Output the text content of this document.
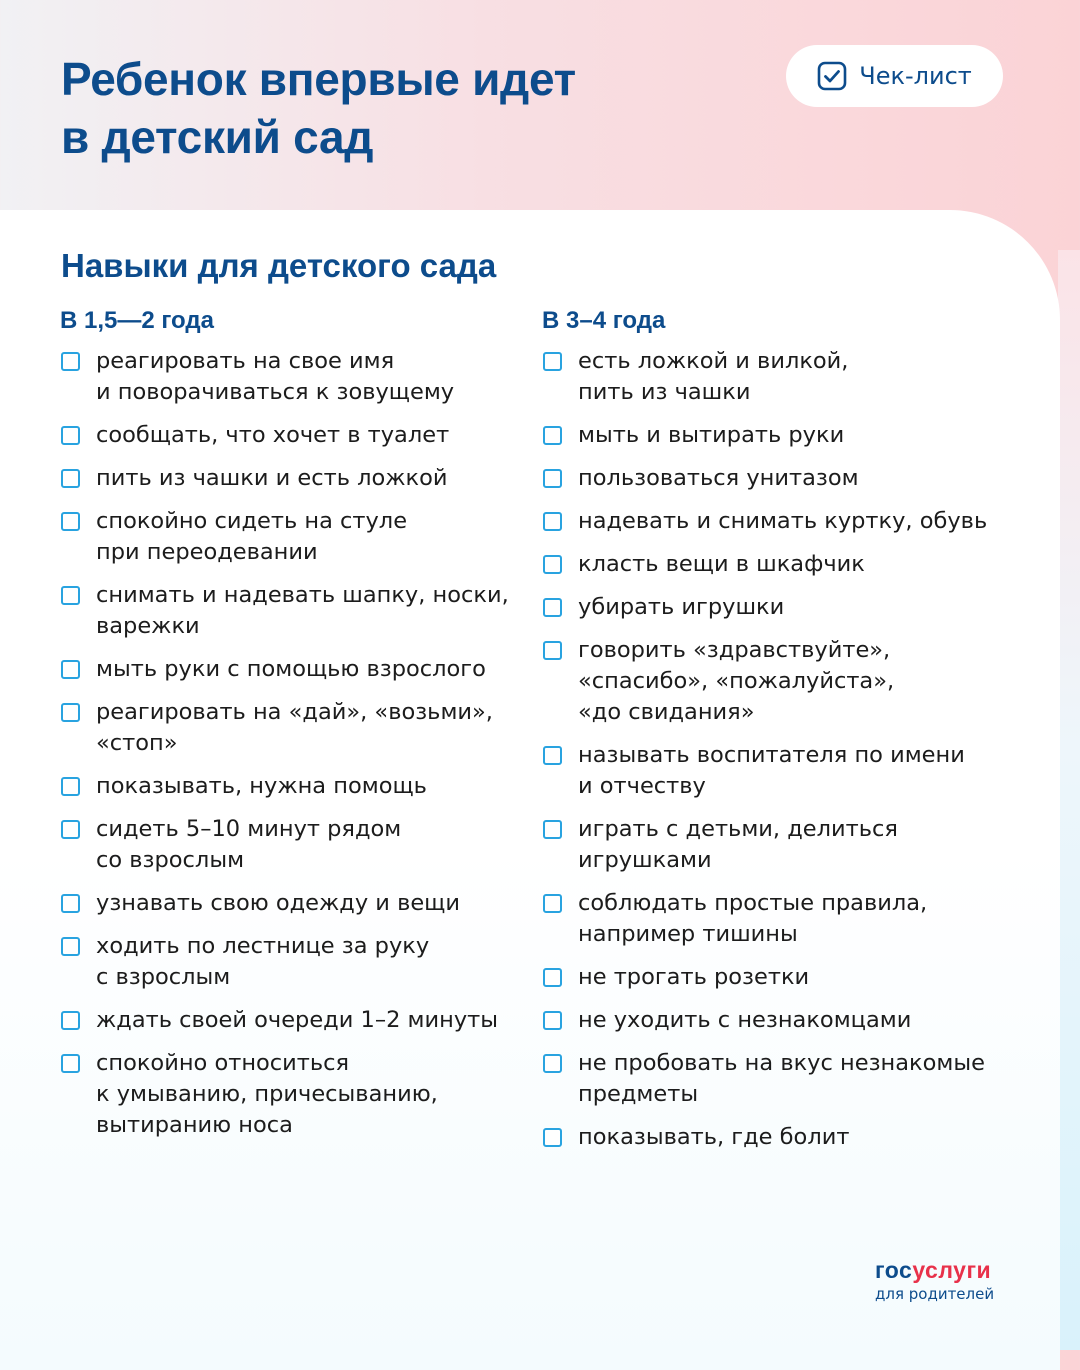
Ребенок впервые идет
в детский сад
Чек-лист
Навыки для детского сада
В 1,5—2 года
реагировать на свое имя
и поворачиваться к зовущему
сообщать, что хочет в туалет
пить из чашки и есть ложкой
спокойно сидеть на стуле
при переодевании
снимать и надевать шапку, носки,
варежки
мыть руки с помощью взрослого
реагировать на «дай», «возьми»,
«стоп»
показывать, нужна помощь
сидеть 5–10 минут рядом
со взрослым
узнавать свою одежду и вещи
ходить по лестнице за руку
с взрослым
ждать своей очереди 1–2 минуты
спокойно относиться
к умыванию, причесыванию,
вытиранию носа
В 3–4 года
есть ложкой и вилкой,
пить из чашки
мыть и вытирать руки
пользоваться унитазом
надевать и снимать куртку, обувь
класть вещи в шкафчик
убирать игрушки
говорить «здравствуйте»,
«спасибо», «пожалуйста»,
«до свидания»
называть воспитателя по имени
и отчеству
играть с детьми, делиться
игрушками
соблюдать простые правила,
например тишины
не трогать розетки
не уходить с незнакомцами
не пробовать на вкус незнакомые
предметы
показывать, где болит
госуслуги
для родителей
